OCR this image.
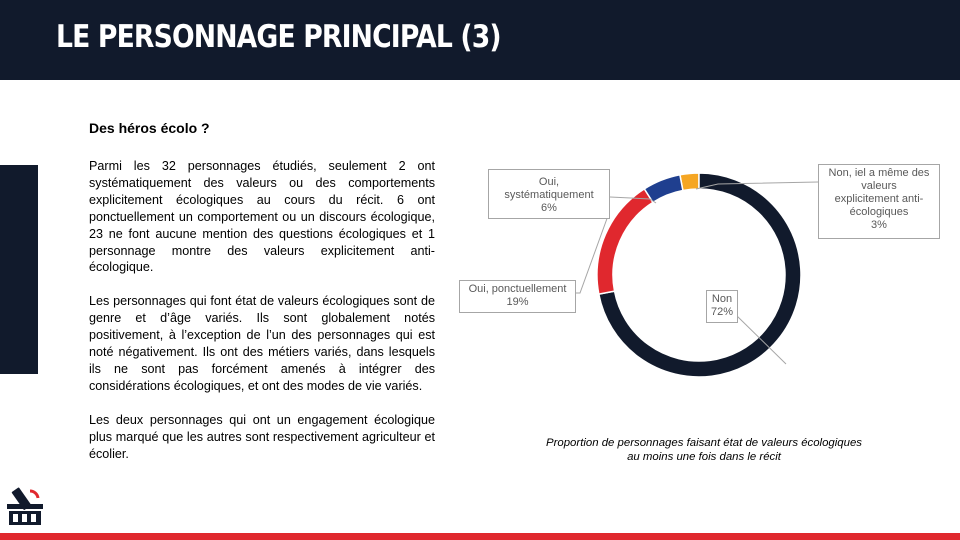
LE PERSONNAGE PRINCIPAL (3)
Des héros écolo ?

Parmi les 32 personnages étudiés, seulement 2 ont systématiquement des valeurs ou des comportements explicitement écologiques au cours du récit. 6 ont ponctuellement un comportement ou un discours écologique, 23 ne font aucune mention des questions écologiques et 1 personnage montre des valeurs explicitement anti-écologique.

Les personnages qui font état de valeurs écologiques sont de genre et d’âge variés. Ils sont globalement notés positivement, à l’exception de l’un des personnages qui est noté négativement. Ils ont des métiers variés, dans lesquels ils ne sont pas forcément amenés à intégrer des considérations écologiques, et ont des modes de vie variés.

Les deux personnages qui ont un engagement écologique plus marqué que les autres sont respectivement agriculteur et écolier.

Non, iel a même des
valeurs
explicitement anti-
écologiques
3%
Oui,
systématiquement
6%
Oui, ponctuellement
19%	Non
72%
Proportion de personnages faisant état de valeurs écologiques
au moins une fois dans le récit
